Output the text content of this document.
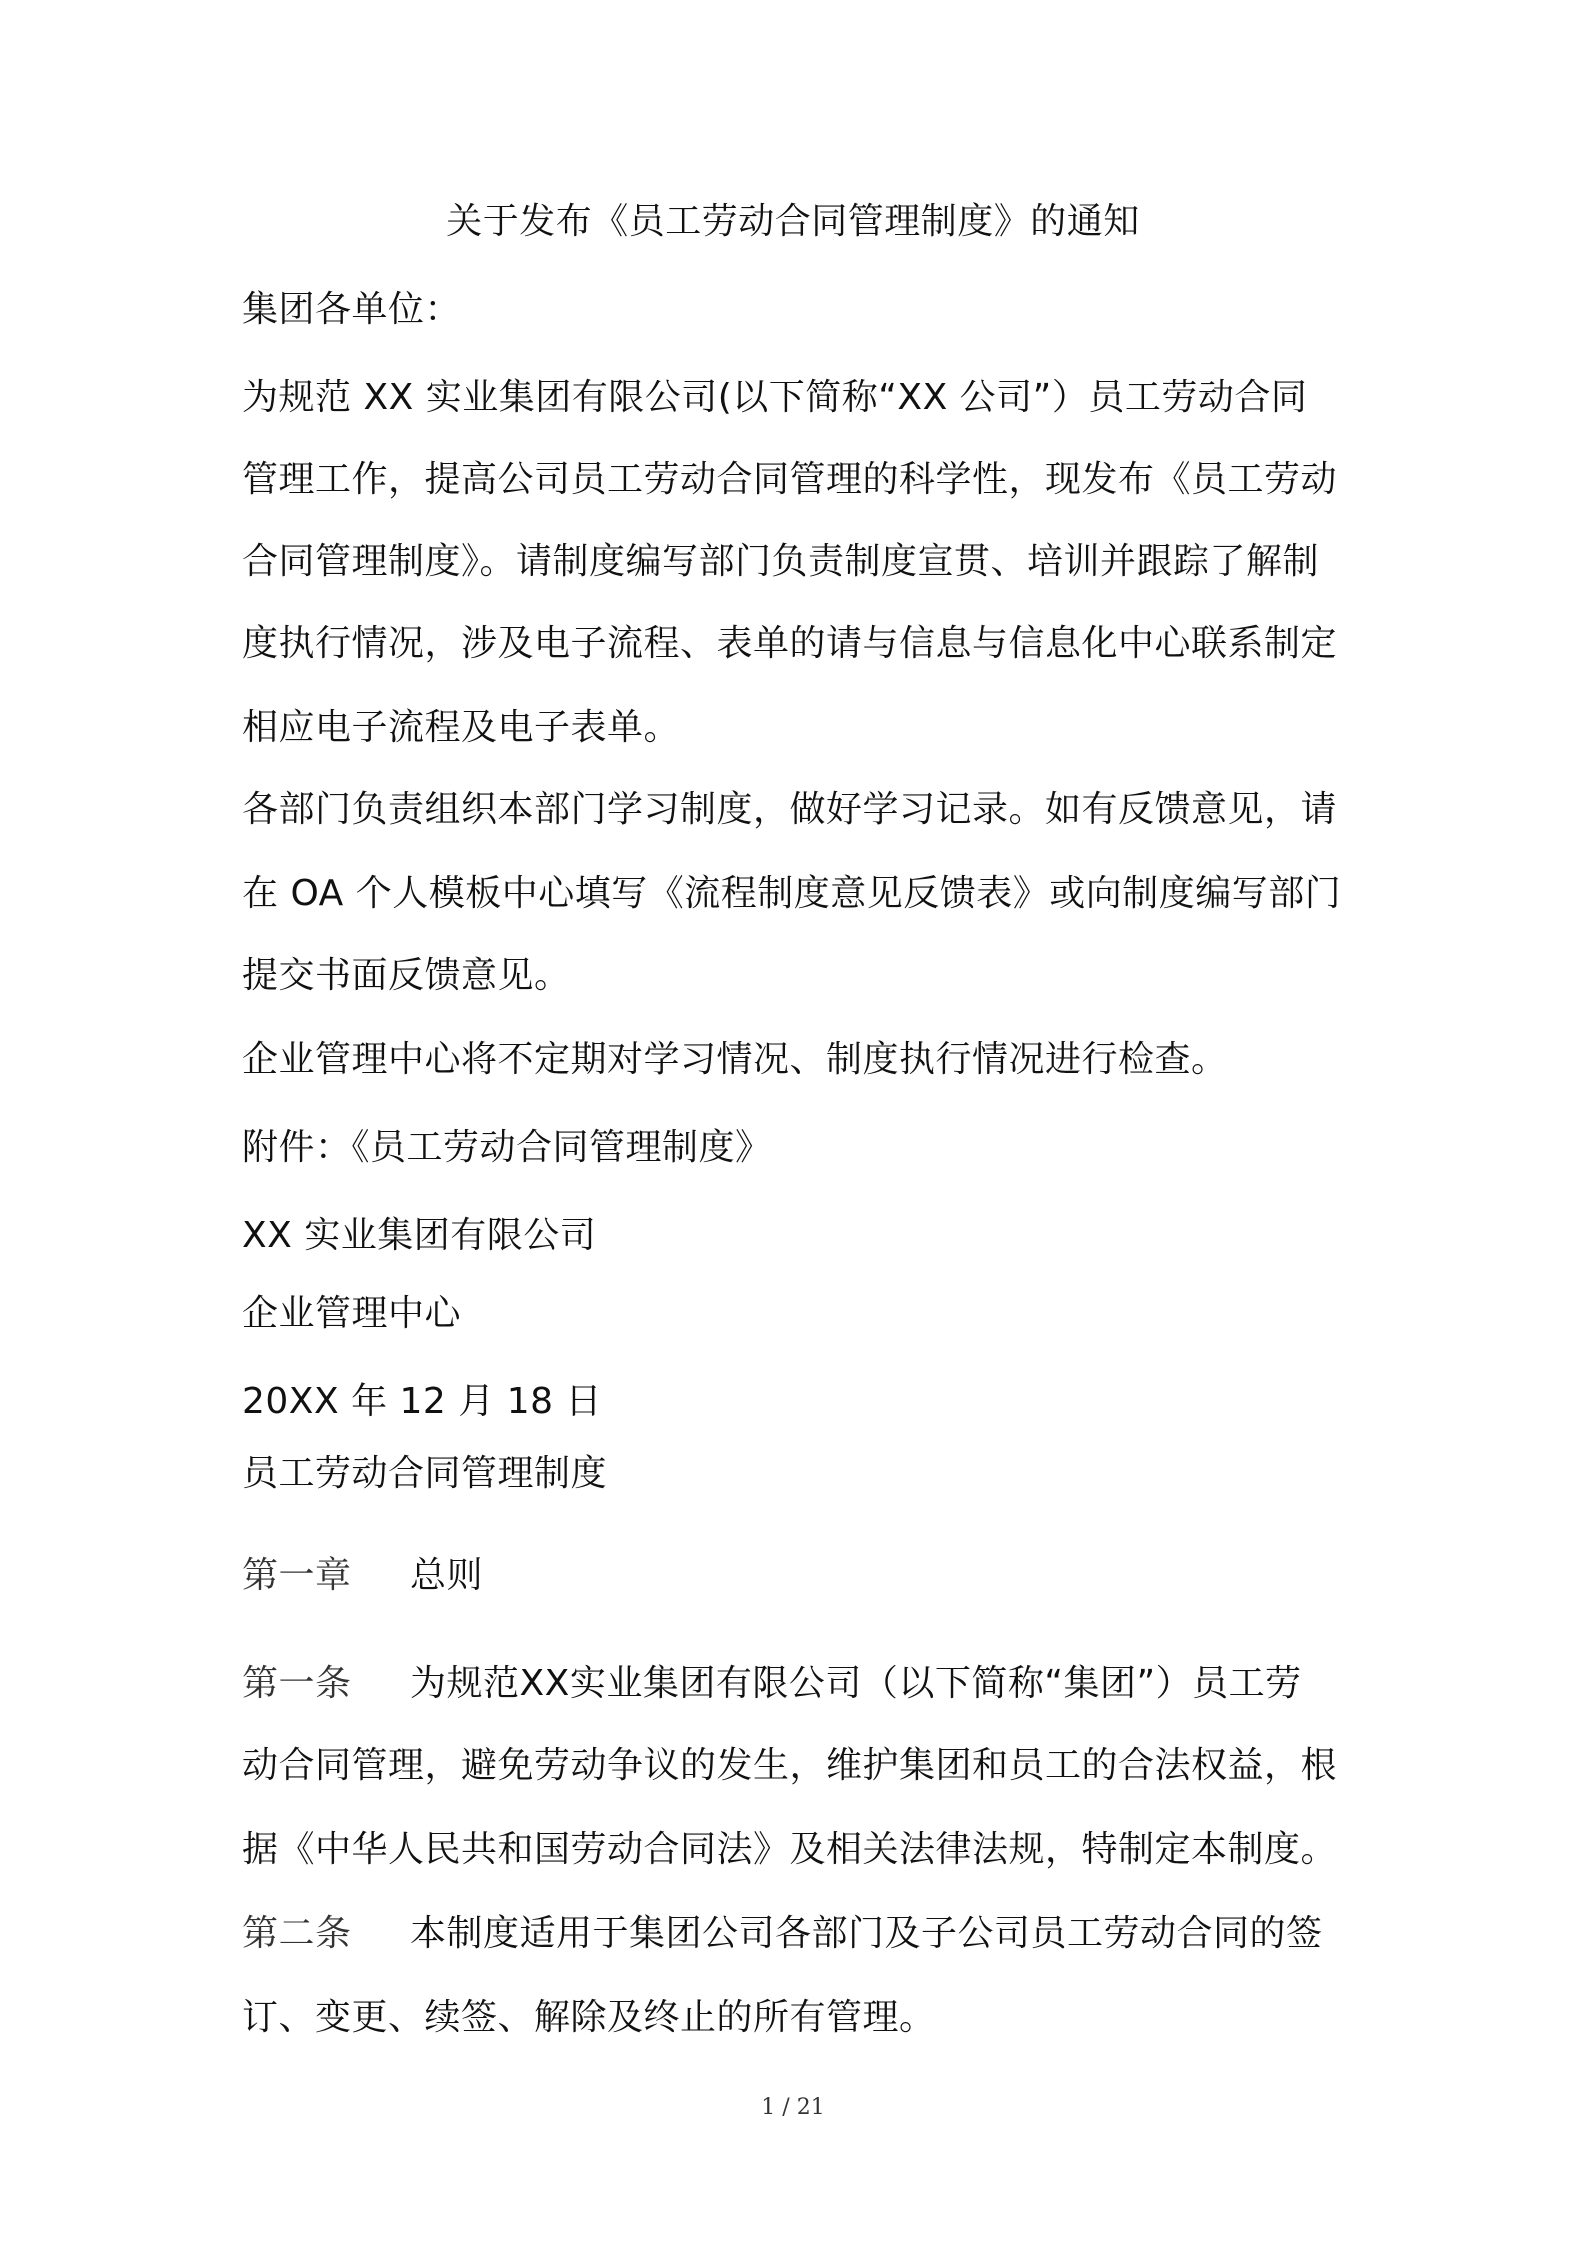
关于发布《员工劳动合同管理制度》的通知
集团各单位：
为规范 XX 实业集团有限公司(以下简称“XX 公司”）员工劳动合同
管理工作，提高公司员工劳动合同管理的科学性，现发布《员工劳动
合同管理制度》。请制度编写部门负责制度宣贯、培训并跟踪了解制
度执行情况，涉及电子流程、表单的请与信息与信息化中心联系制定
相应电子流程及电子表单。
各部门负责组织本部门学习制度，做好学习记录。如有反馈意见，请
在 OA 个人模板中心填写《流程制度意见反馈表》或向制度编写部门
提交书面反馈意见。
企业管理中心将不定期对学习情况、制度执行情况进行检查。
附件：《员工劳动合同管理制度》
XX 实业集团有限公司
企业管理中心
20XX 年 12 月 18 日
员工劳动合同管理制度
第一章 总则
第一条 为规范XX实业集团有限公司（以下简称“集团”）员工劳
动合同管理，避免劳动争议的发生，维护集团和员工的合法权益，根
据《中华人民共和国劳动合同法》及相关法律法规，特制定本制度。
第二条 本制度适用于集团公司各部门及子公司员工劳动合同的签
订、变更、续签、解除及终止的所有管理。
1 / 21
